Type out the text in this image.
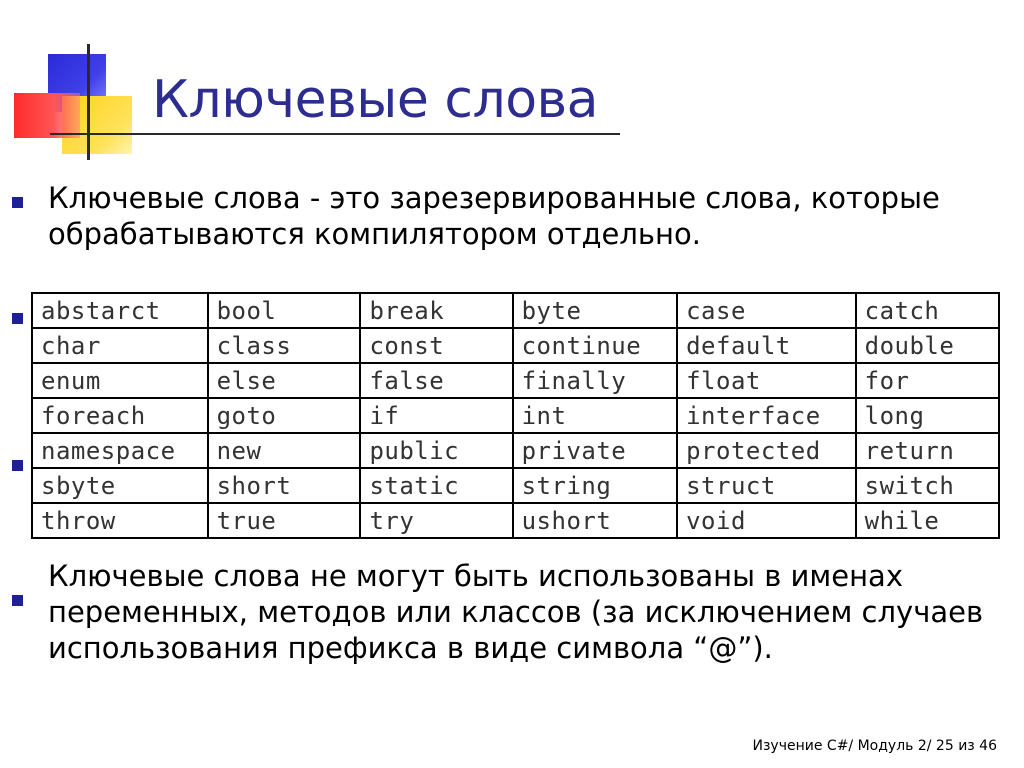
Ключевые слова
Ключевые слова - это зарезервированные слова, которые обрабатываются компилятором отдельно.
Ключевые слова не могут быть использованы в именах переменных, методов или классов (за исключением случаев использования префикса в виде символа “@”).
abstarct	bool	break	byte	case	catch
char	class	const	continue	default	double
enum	else	false	finally	float	for
foreach	goto	if	int	interface	long
namespace	new	public	private	protected	return
sbyte	short	static	string	struct	switch
throw	true	try	ushort	void	while
Изучение C#/ Модуль 2/ 25 из 46
